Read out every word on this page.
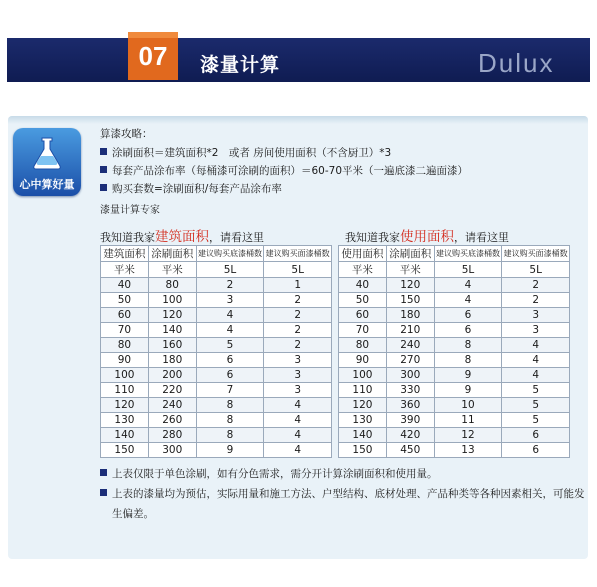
07	漆量计算	Dulux
心中算好量
算漆攻略：
涂刷面积＝建筑面积*2　或者 房间使用面积（不含厨卫）*3
每套产品涂布率（每桶漆可涂刷的面积）＝60-70平米（一遍底漆二遍面漆）
购买套数=涂刷面积/每套产品涂布率
漆量计算专家
我知道我家建筑面积，请看这里	我知道我家使用面积，请看这里
建筑面积	涂刷面积	建议购买底漆桶数	建议购买面漆桶数
平米	平米	5L	5L
40	80	2	1
50	100	3	2
60	120	4	2
70	140	4	2
80	160	5	2
90	180	6	3
100	200	6	3
110	220	7	3
120	240	8	4
130	260	8	4
140	280	8	4
150	300	9	4
使用面积	涂刷面积	建议购买底漆桶数	建议购买面漆桶数
平米	平米	5L	5L
40	120	4	2
50	150	4	2
60	180	6	3
70	210	6	3
80	240	8	4
90	270	8	4
100	300	9	4
110	330	9	5
120	360	10	5
130	390	11	5
140	420	12	6
150	450	13	6
上表仅限于单色涂刷，如有分色需求，需分开计算涂刷面积和使用量。
上表的漆量均为预估，实际用量和施工方法、户型结构、底材处理、产品种类等各种因素相关，可能发
生偏差。
